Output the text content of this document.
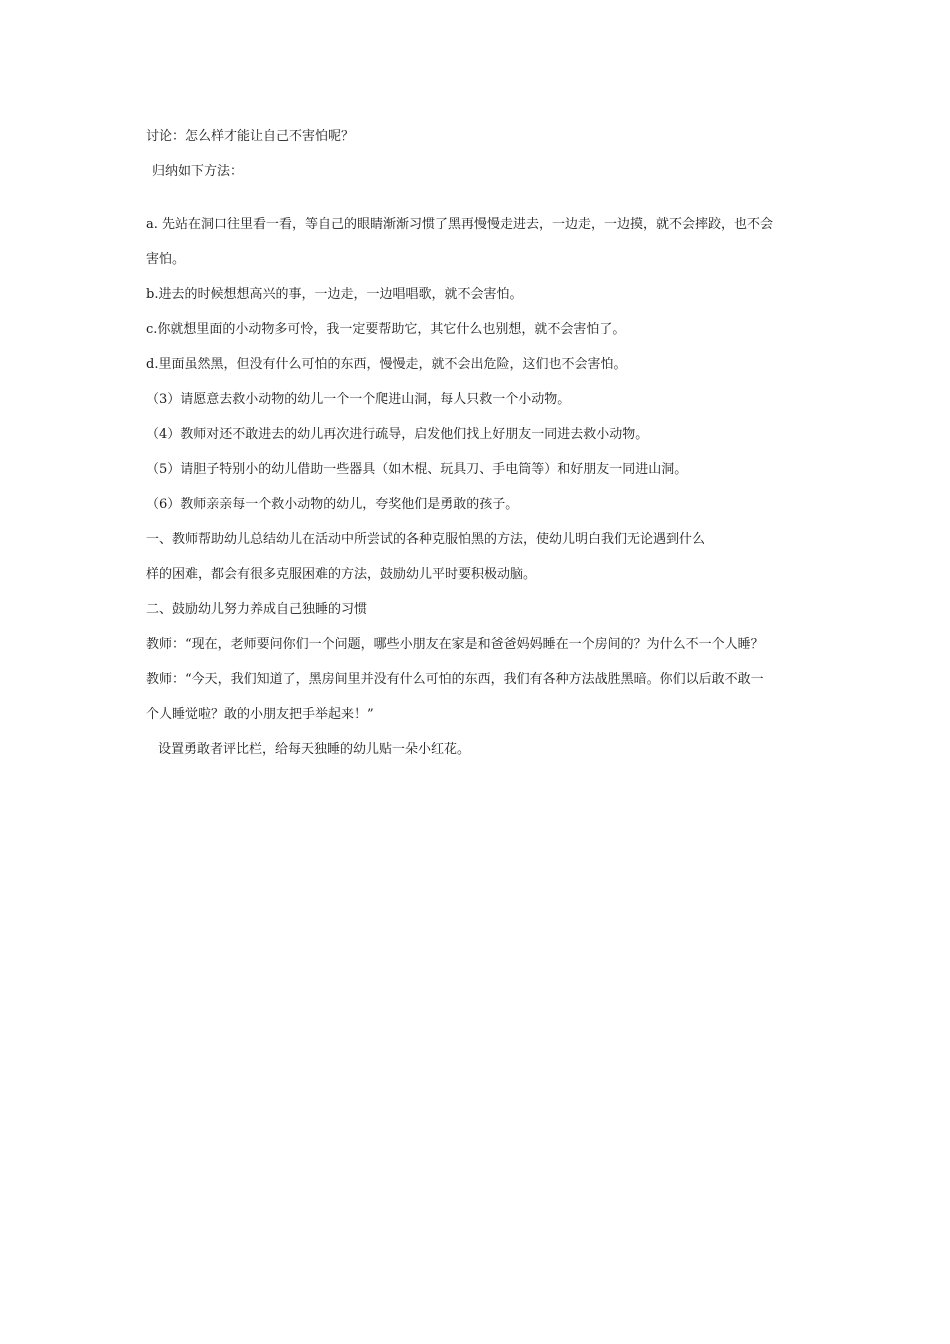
讨论：怎么样才能让自己不害怕呢？
归纳如下方法：
a. 先站在洞口往里看一看，等自己的眼睛渐渐习惯了黑再慢慢走进去，一边走，一边摸，就不会摔跤，也不会
害怕。
b.进去的时候想想高兴的事，一边走，一边唱唱歌，就不会害怕。
c.你就想里面的小动物多可怜，我一定要帮助它，其它什么也别想，就不会害怕了。
d.里面虽然黑，但没有什么可怕的东西，慢慢走，就不会出危险，这们也不会害怕。
（3）请愿意去救小动物的幼儿一个一个爬进山洞，每人只救一个小动物。
（4）教师对还不敢进去的幼儿再次进行疏导，启发他们找上好朋友一同进去救小动物。
（5）请胆子特别小的幼儿借助一些器具（如木棍、玩具刀、手电筒等）和好朋友一同进山洞。
（6）教师亲亲每一个救小动物的幼儿，夸奖他们是勇敢的孩子。
一、教师帮助幼儿总结幼儿在活动中所尝试的各种克服怕黑的方法，使幼儿明白我们无论遇到什么
样的困难，都会有很多克服困难的方法，鼓励幼儿平时要积极动脑。
二、鼓励幼儿努力养成自己独睡的习惯
教师：“现在，老师要问你们一个问题，哪些小朋友在家是和爸爸妈妈睡在一个房间的？为什么不一个人睡？
教师：“今天，我们知道了，黑房间里并没有什么可怕的东西，我们有各种方法战胜黑暗。你们以后敢不敢一
个人睡觉啦？敢的小朋友把手举起来！”
设置勇敢者评比栏，给每天独睡的幼儿贴一朵小红花。
